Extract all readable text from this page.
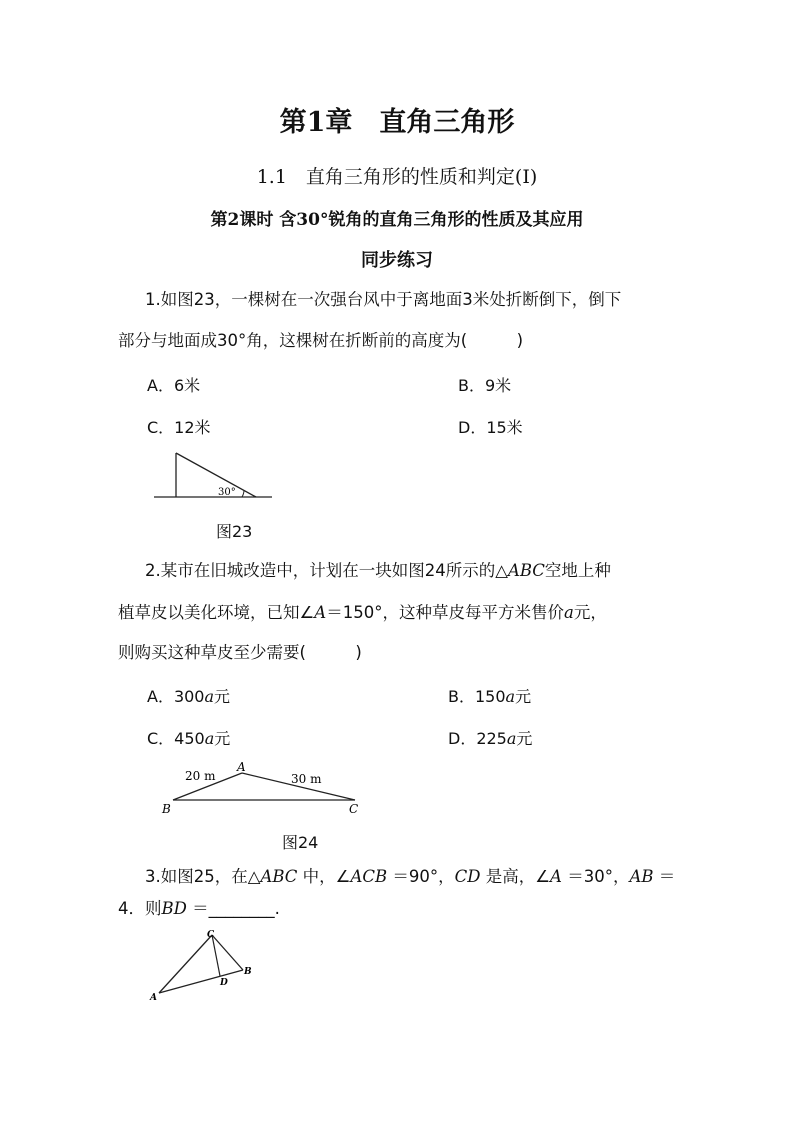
第1章　直角三角形
1.1　直角三角形的性质和判定(Ⅰ)
第2课时 含30°锐角的直角三角形的性质及其应用
同步练习
1.如图23，一棵树在一次强台风中于离地面3米处折断倒下，倒下
部分与地面成30°角，这棵树在折断前的高度为(　　　)
A．6米	B．9米
C．12米	D．15米
30°
图23
2.某市在旧城改造中，计划在一块如图24所示的△ABC空地上种
植草皮以美化环境，已知∠A＝150°，这种草皮每平方米售价a元，
则购买这种草皮至少需要(　　　)
A．300a元	B．150a元
C．450a元	D．225a元
A
B	C
20 m	30 m
图24
3.如图25，在△ABC 中，∠ACB ＝90°，CD 是高，∠A ＝30°，AB ＝
4．则BD ＝________.
C
B
A
D
